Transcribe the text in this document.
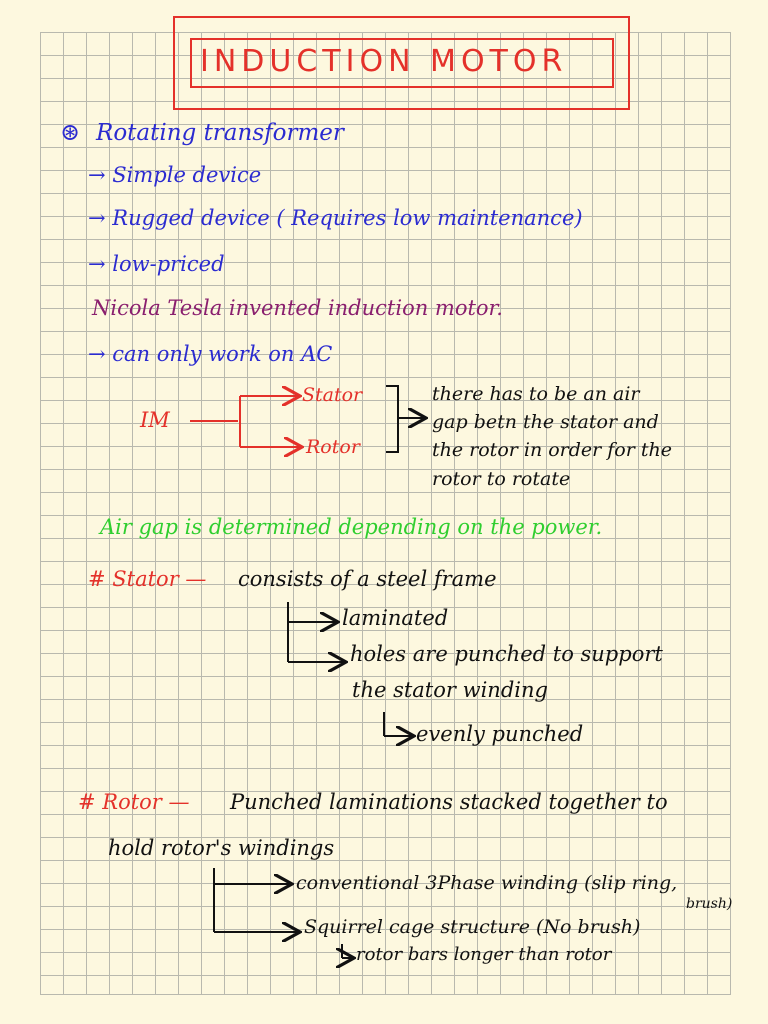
INDUCTION MOTOR
⊛ Rotating transformer
→ Simple device
→ Rugged device ( Requires low maintenance)
→ low-priced
Nicola Tesla invented induction motor.
→ can only work on AC
IM
Stator
Rotor
there has to be an air
gap betn the stator and
the rotor in order for the
rotor to rotate
Air gap is determined depending on the power.
# Stator — consists of a steel frame
laminated
holes are punched to support
the stator winding
evenly punched
# Rotor — Punched laminations stacked together to
hold rotor's windings
conventional 3Phase winding (slip ring,
brush)
Squirrel cage structure (No brush)
rotor bars longer than rotor
